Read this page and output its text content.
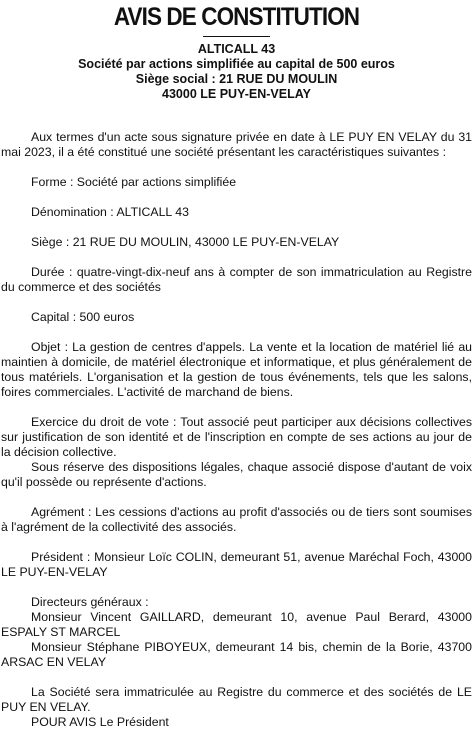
AVIS DE CONSTITUTION
ALTICALL 43
Société par actions simplifiée au capital de 500 euros
Siège social : 21 RUE DU MOULIN
43000 LE PUY-EN-VELAY

Aux termes d'un acte sous signature privée en date à LE PUY EN VELAY du 31 mai 2023, il a été constitué une société présentant les caractéristiques suivantes :

Forme : Société par actions simplifiée

Dénomination : ALTICALL 43

Siège : 21 RUE DU MOULIN, 43000 LE PUY-EN-VELAY

Durée : quatre-vingt-dix-neuf ans à compter de son immatriculation au Registre du commerce et des sociétés

Capital : 500 euros

Objet : La gestion de centres d'appels. La vente et la location de matériel lié au maintien à domicile, de matériel électronique et informatique, et plus généralement de tous matériels. L'organisation et la gestion de tous événements, tels que les salons, foires commerciales. L'activité de marchand de biens.

Exercice du droit de vote : Tout associé peut participer aux décisions collectives sur justification de son identité et de l'inscription en compte de ses actions au jour de la décision collective.

Sous réserve des dispositions légales, chaque associé dispose d'autant de voix qu'il possède ou représente d'actions.

Agrément : Les cessions d'actions au profit d'associés ou de tiers sont soumises à l'agrément de la collectivité des associés.

Président : Monsieur Loïc COLIN, demeurant 51, avenue Maréchal Foch, 43000 LE PUY-EN-VELAY

Directeurs généraux :

Monsieur Vincent GAILLARD, demeurant 10, avenue Paul Berard, 43000 ESPALY ST MARCEL

Monsieur Stéphane PIBOYEUX, demeurant 14 bis, chemin de la Borie, 43700 ARSAC EN VELAY

La Société sera immatriculée au Registre du commerce et des sociétés de LE PUY EN VELAY.

POUR AVIS Le Président
